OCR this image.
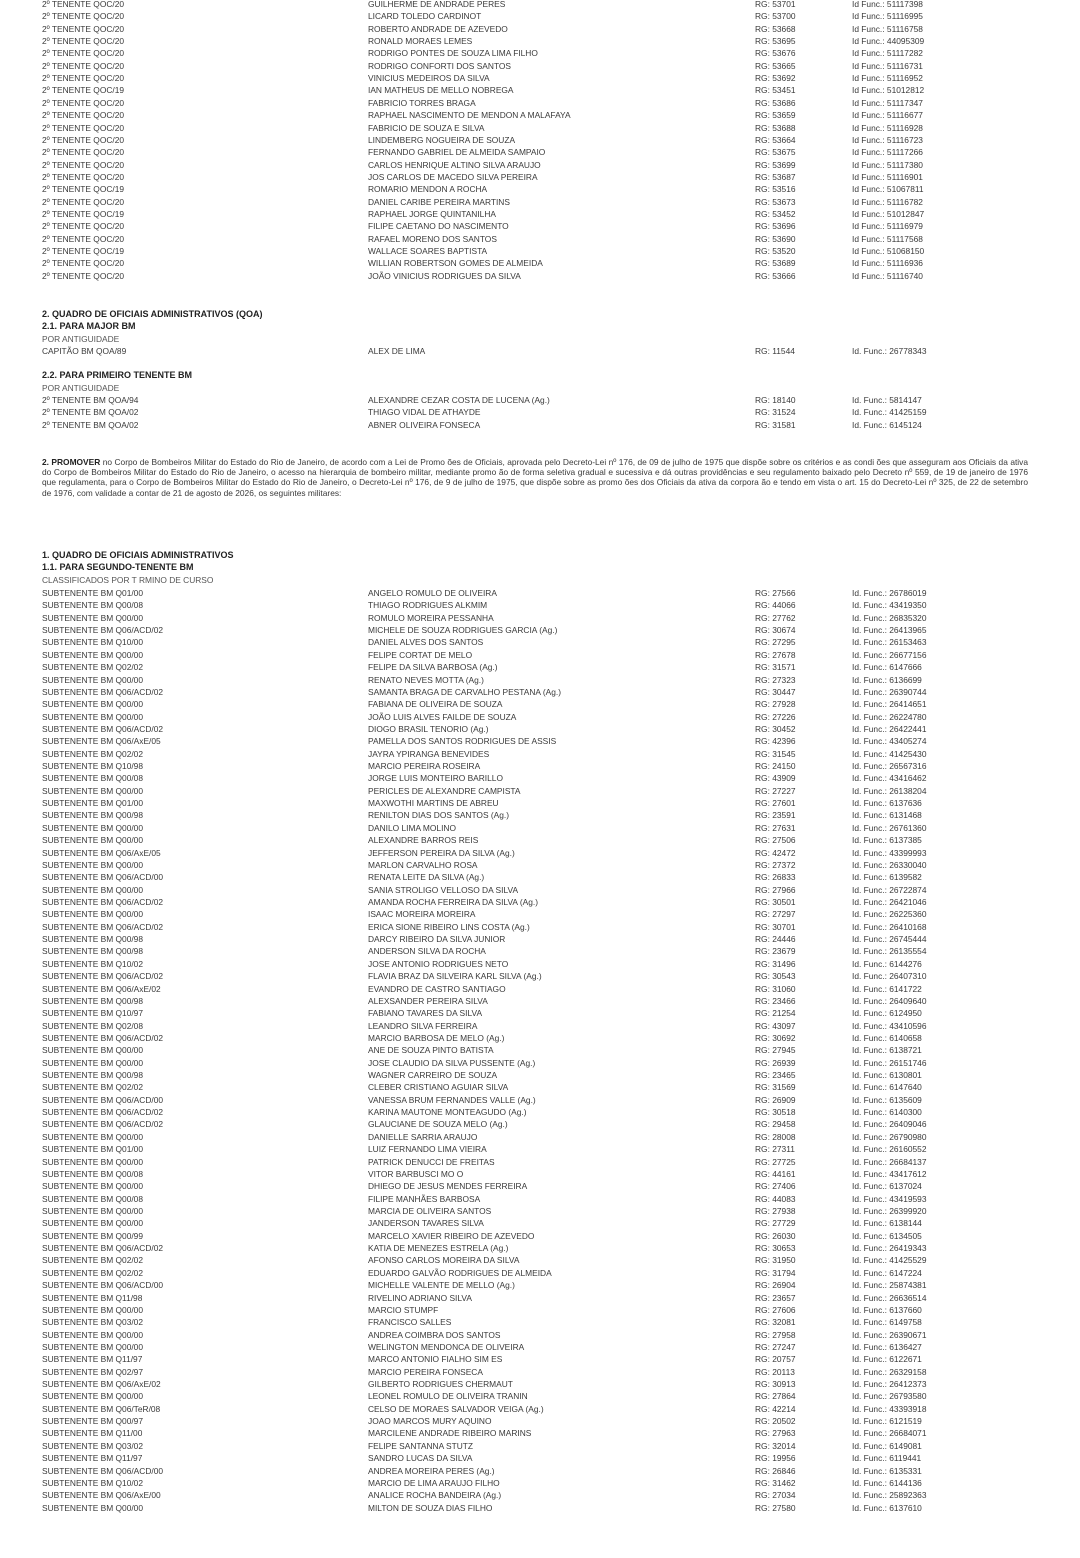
2º TENENTE QOC/20	GUILHERME DE ANDRADE PERES	RG: 53701	Id Func.: 51117398
2º TENENTE QOC/20	LICARD TOLEDO CARDINOT	RG: 53700	Id Func.: 51116995
2º TENENTE QOC/20	ROBERTO ANDRADE DE AZEVEDO	RG: 53668	Id Func.: 51116758
2º TENENTE QOC/20	RONALD MORAES LEMES	RG: 53695	Id Func.: 44095309
2º TENENTE QOC/20	RODRIGO PONTES DE SOUZA LIMA FILHO	RG: 53676	Id Func.: 51117282
2º TENENTE QOC/20	RODRIGO CONFORTI DOS SANTOS	RG: 53665	Id Func.: 51116731
2º TENENTE QOC/20	VINICIUS MEDEIROS DA SILVA	RG: 53692	Id Func.: 51116952
2º TENENTE QOC/19	IAN MATHEUS DE MELLO NOBREGA	RG: 53451	Id Func.: 51012812
2º TENENTE QOC/20	FABRICIO TORRES BRAGA	RG: 53686	Id Func.: 51117347
2º TENENTE QOC/20	RAPHAEL NASCIMENTO DE MENDON A MALAFAYA	RG: 53659	Id Func.: 51116677
2º TENENTE QOC/20	FABRICIO DE SOUZA E SILVA	RG: 53688	Id Func.: 51116928
2º TENENTE QOC/20	LINDEMBERG NOGUEIRA DE SOUZA	RG: 53664	Id Func.: 51116723
2º TENENTE QOC/20	FERNANDO GABRIEL DE ALMEIDA SAMPAIO	RG: 53675	Id Func.: 51117266
2º TENENTE QOC/20	CARLOS HENRIQUE ALTINO SILVA ARAUJO	RG: 53699	Id Func.: 51117380
2º TENENTE QOC/20	JOS CARLOS DE MACEDO SILVA PEREIRA	RG: 53687	Id Func.: 51116901
2º TENENTE QOC/19	ROMARIO MENDON A ROCHA	RG: 53516	Id Func.: 51067811
2º TENENTE QOC/20	DANIEL CARIBE PEREIRA MARTINS	RG: 53673	Id Func.: 51116782
2º TENENTE QOC/19	RAPHAEL JORGE QUINTANILHA	RG: 53452	Id Func.: 51012847
2º TENENTE QOC/20	FILIPE CAETANO DO NASCIMENTO	RG: 53696	Id Func.: 51116979
2º TENENTE QOC/20	RAFAEL MORENO DOS SANTOS	RG: 53690	Id Func.: 51117568
2º TENENTE QOC/19	WALLACE SOARES BAPTISTA	RG: 53520	Id Func.: 51068150
2º TENENTE QOC/20	WILLIAN ROBERTSON GOMES DE ALMEIDA	RG: 53689	Id Func.: 51116936
2º TENENTE QOC/20	JOÃO VINICIUS RODRIGUES DA SILVA	RG: 53666	Id Func.: 51116740
2. QUADRO DE OFICIAIS ADMINISTRATIVOS (QOA)
2.1. PARA MAJOR BM
POR ANTIGUIDADE
CAPITÃO BM QOA/89	ALEX DE LIMA	RG: 11544	Id. Func.: 26778343
2.2. PARA PRIMEIRO TENENTE BM
POR ANTIGUIDADE
2º TENENTE BM QOA/94	ALEXANDRE CEZAR COSTA DE LUCENA (Ag.)	RG: 18140	Id. Func.: 5814147
2º TENENTE BM QOA/02	THIAGO VIDAL DE ATHAYDE	RG: 31524	Id. Func.: 41425159
2º TENENTE BM QOA/02	ABNER OLIVEIRA FONSECA	RG: 31581	Id. Func.: 6145124
2. PROMOVER no Corpo de Bombeiros Militar do Estado do Rio de Janeiro, de acordo com a Lei de Promo ões de Oficiais, aprovada pelo Decreto-Lei nº 176, de 09 de julho de 1975 que dispõe sobre os critérios e as condi ões que asseguram aos Oficiais da ativa do Corpo de Bombeiros Militar do Estado do Rio de Janeiro, o acesso na hierarquia de bombeiro militar, mediante promo ão de forma seletiva gradual e sucessiva e dá outras providências e seu regulamento baixado pelo Decreto nº 559, de 19 de janeiro de 1976 que regulamenta, para o Corpo de Bombeiros Militar do Estado do Rio de Janeiro, o Decreto-Lei nº 176, de 9 de julho de 1975, que dispõe sobre as promo ões dos Oficiais da ativa da corpora ão e tendo em vista o art. 15 do Decreto-Lei nº 325, de 22 de setembro de 1976, com validade a contar de 21 de agosto de 2026, os seguintes militares:
1. QUADRO DE OFICIAIS ADMINISTRATIVOS
1.1. PARA SEGUNDO-TENENTE BM
CLASSIFICADOS POR T RMINO DE CURSO
SUBTENENTE BM Q01/00	ANGELO ROMULO DE OLIVEIRA	RG: 27566	Id. Func.: 26786019
SUBTENENTE BM Q00/08	THIAGO RODRIGUES ALKMIM	RG: 44066	Id. Func.: 43419350
SUBTENENTE BM Q00/00	ROMULO MOREIRA PESSANHA	RG: 27762	Id. Func.: 26835320
SUBTENENTE BM Q06/ACD/02	MICHELE DE SOUZA RODRIGUES GARCIA (Ag.)	RG: 30674	Id. Func.: 26413965
SUBTENENTE BM Q10/00	DANIEL ALVES DOS SANTOS	RG: 27295	Id. Func.: 26153463
SUBTENENTE BM Q00/00	FELIPE CORTAT DE MELO	RG: 27678	Id. Func.: 26677156
SUBTENENTE BM Q02/02	FELIPE DA SILVA BARBOSA (Ag.)	RG: 31571	Id. Func.: 6147666
SUBTENENTE BM Q00/00	RENATO NEVES MOTTA (Ag.)	RG: 27323	Id. Func.: 6136699
SUBTENENTE BM Q06/ACD/02	SAMANTA BRAGA DE CARVALHO PESTANA (Ag.)	RG: 30447	Id. Func.: 26390744
SUBTENENTE BM Q00/00	FABIANA DE OLIVEIRA DE SOUZA	RG: 27928	Id. Func.: 26414651
SUBTENENTE BM Q00/00	JOÃO LUIS ALVES FAILDE DE SOUZA	RG: 27226	Id. Func.: 26224780
SUBTENENTE BM Q06/ACD/02	DIOGO BRASIL TENORIO (Ag.)	RG: 30452	Id. Func.: 26422441
SUBTENENTE BM Q06/AxE/05	PAMELLA DOS SANTOS RODRIGUES DE ASSIS	RG: 42396	Id. Func.: 43405274
SUBTENENTE BM Q02/02	JAYRA YPIRANGA BENEVIDES	RG: 31545	Id. Func.: 41425430
SUBTENENTE BM Q10/98	MARCIO PEREIRA ROSEIRA	RG: 24150	Id. Func.: 26567316
SUBTENENTE BM Q00/08	JORGE LUIS MONTEIRO BARILLO	RG: 43909	Id. Func.: 43416462
SUBTENENTE BM Q00/00	PERICLES DE ALEXANDRE CAMPISTA	RG: 27227	Id. Func.: 26138204
SUBTENENTE BM Q01/00	MAXWOTHI MARTINS DE ABREU	RG: 27601	Id. Func.: 6137636
SUBTENENTE BM Q00/98	RENILTON DIAS DOS SANTOS (Ag.)	RG: 23591	Id. Func.: 6131468
SUBTENENTE BM Q00/00	DANILO LIMA MOLINO	RG: 27631	Id. Func.: 26761360
SUBTENENTE BM Q00/00	ALEXANDRE BARROS REIS	RG: 27506	Id. Func.: 6137385
SUBTENENTE BM Q06/AxE/05	JEFFERSON PEREIRA DA SILVA (Ag.)	RG: 42472	Id. Func.: 43399993
SUBTENENTE BM Q00/00	MARLON CARVALHO ROSA	RG: 27372	Id. Func.: 26330040
SUBTENENTE BM Q06/ACD/00	RENATA LEITE DA SILVA (Ag.)	RG: 26833	Id. Func.: 6139582
SUBTENENTE BM Q00/00	SANIA STROLIGO VELLOSO DA SILVA	RG: 27966	Id. Func.: 26722874
SUBTENENTE BM Q06/ACD/02	AMANDA ROCHA FERREIRA DA SILVA (Ag.)	RG: 30501	Id. Func.: 26421046
SUBTENENTE BM Q00/00	ISAAC MOREIRA MOREIRA	RG: 27297	Id. Func.: 26225360
SUBTENENTE BM Q06/ACD/02	ERICA SIONE RIBEIRO LINS COSTA (Ag.)	RG: 30701	Id. Func.: 26410168
SUBTENENTE BM Q00/98	DARCY RIBEIRO DA SILVA JUNIOR	RG: 24446	Id. Func.: 26745444
SUBTENENTE BM Q00/98	ANDERSON SILVA DA ROCHA	RG: 23679	Id. Func.: 26135554
SUBTENENTE BM Q10/02	JOSE ANTONIO RODRIGUES NETO	RG: 31496	Id. Func.: 6144276
SUBTENENTE BM Q06/ACD/02	FLAVIA BRAZ DA SILVEIRA KARL SILVA (Ag.)	RG: 30543	Id. Func.: 26407310
SUBTENENTE BM Q06/AxE/02	EVANDRO DE CASTRO SANTIAGO	RG: 31060	Id. Func.: 6141722
SUBTENENTE BM Q00/98	ALEXSANDER PEREIRA SILVA	RG: 23466	Id. Func.: 26409640
SUBTENENTE BM Q10/97	FABIANO TAVARES DA SILVA	RG: 21254	Id. Func.: 6124950
SUBTENENTE BM Q02/08	LEANDRO SILVA FERREIRA	RG: 43097	Id. Func.: 43410596
SUBTENENTE BM Q06/ACD/02	MARCIO BARBOSA DE MELO (Ag.)	RG: 30692	Id. Func.: 6140658
SUBTENENTE BM Q00/00	ANE DE SOUZA PINTO BATISTA	RG: 27945	Id. Func.: 6138721
SUBTENENTE BM Q00/00	JOSE CLAUDIO DA SILVA PUSSENTE (Ag.)	RG: 26939	Id. Func.: 26151746
SUBTENENTE BM Q00/98	WAGNER CARREIRO DE SOUZA	RG: 23465	Id. Func.: 6130801
SUBTENENTE BM Q02/02	CLEBER CRISTIANO AGUIAR SILVA	RG: 31569	Id. Func.: 6147640
SUBTENENTE BM Q06/ACD/00	VANESSA BRUM FERNANDES VALLE (Ag.)	RG: 26909	Id. Func.: 6135609
SUBTENENTE BM Q06/ACD/02	KARINA MAUTONE MONTEAGUDO (Ag.)	RG: 30518	Id. Func.: 6140300
SUBTENENTE BM Q06/ACD/02	GLAUCIANE DE SOUZA MELO (Ag.)	RG: 29458	Id. Func.: 26409046
SUBTENENTE BM Q00/00	DANIELLE SARRIA ARAUJO	RG: 28008	Id. Func.: 26790980
SUBTENENTE BM Q01/00	LUIZ FERNANDO LIMA VIEIRA	RG: 27311	Id. Func.: 26160552
SUBTENENTE BM Q00/00	PATRICK DENUCCI DE FREITAS	RG: 27725	Id. Func.: 26684137
SUBTENENTE BM Q00/08	VITOR BARBUSCI MO O	RG: 44161	Id. Func.: 43417612
SUBTENENTE BM Q00/00	DHIEGO DE JESUS MENDES FERREIRA	RG: 27406	Id. Func.: 6137024
SUBTENENTE BM Q00/08	FILIPE MANHÃES BARBOSA	RG: 44083	Id. Func.: 43419593
SUBTENENTE BM Q00/00	MARCIA DE OLIVEIRA SANTOS	RG: 27938	Id. Func.: 26399920
SUBTENENTE BM Q00/00	JANDERSON TAVARES SILVA	RG: 27729	Id. Func.: 6138144
SUBTENENTE BM Q00/99	MARCELO XAVIER RIBEIRO DE AZEVEDO	RG: 26030	Id. Func.: 6134505
SUBTENENTE BM Q06/ACD/02	KATIA DE MENEZES ESTRELA (Ag.)	RG: 30653	Id. Func.: 26419343
SUBTENENTE BM Q02/02	AFONSO CARLOS MOREIRA DA SILVA	RG: 31950	Id. Func.: 41425529
SUBTENENTE BM Q02/02	EDUARDO GALVÃO RODRIGUES DE ALMEIDA	RG: 31794	Id. Func.: 6147224
SUBTENENTE BM Q06/ACD/00	MICHELLE VALENTE DE MELLO (Ag.)	RG: 26904	Id. Func.: 25874381
SUBTENENTE BM Q11/98	RIVELINO ADRIANO SILVA	RG: 23657	Id. Func.: 26636514
SUBTENENTE BM Q00/00	MARCIO STUMPF	RG: 27606	Id. Func.: 6137660
SUBTENENTE BM Q03/02	FRANCISCO SALLES	RG: 32081	Id. Func.: 6149758
SUBTENENTE BM Q00/00	ANDREA COIMBRA DOS SANTOS	RG: 27958	Id. Func.: 26390671
SUBTENENTE BM Q00/00	WELINGTON MENDONCA DE OLIVEIRA	RG: 27247	Id. Func.: 6136427
SUBTENENTE BM Q11/97	MARCO ANTONIO FIALHO SIM ES	RG: 20757	Id. Func.: 6122671
SUBTENENTE BM Q02/97	MARCIO PEREIRA FONSECA	RG: 20113	Id. Func.: 26329158
SUBTENENTE BM Q06/AxE/02	GILBERTO RODRIGUES CHERMAUT	RG: 30913	Id. Func.: 26412373
SUBTENENTE BM Q00/00	LEONEL ROMULO DE OLIVEIRA TRANIN	RG: 27864	Id. Func.: 26793580
SUBTENENTE BM Q06/TeR/08	CELSO DE MORAES SALVADOR VEIGA (Ag.)	RG: 42214	Id. Func.: 43393918
SUBTENENTE BM Q00/97	JOAO MARCOS MURY AQUINO	RG: 20502	Id. Func.: 6121519
SUBTENENTE BM Q11/00	MARCILENE ANDRADE RIBEIRO MARINS	RG: 27963	Id. Func.: 26684071
SUBTENENTE BM Q03/02	FELIPE SANTANNA STUTZ	RG: 32014	Id. Func.: 6149081
SUBTENENTE BM Q11/97	SANDRO LUCAS DA SILVA	RG: 19956	Id. Func.: 6119441
SUBTENENTE BM Q06/ACD/00	ANDREA MOREIRA PERES (Ag.)	RG: 26846	Id. Func.: 6135331
SUBTENENTE BM Q10/02	MARCIO DE LIMA ARAUJO FILHO	RG: 31462	Id. Func.: 6144136
SUBTENENTE BM Q06/AxE/00	ANALICE ROCHA BANDEIRA (Ag.)	RG: 27034	Id. Func.: 25892363
SUBTENENTE BM Q00/00	MILTON DE SOUZA DIAS FILHO	RG: 27580	Id. Func.: 6137610
